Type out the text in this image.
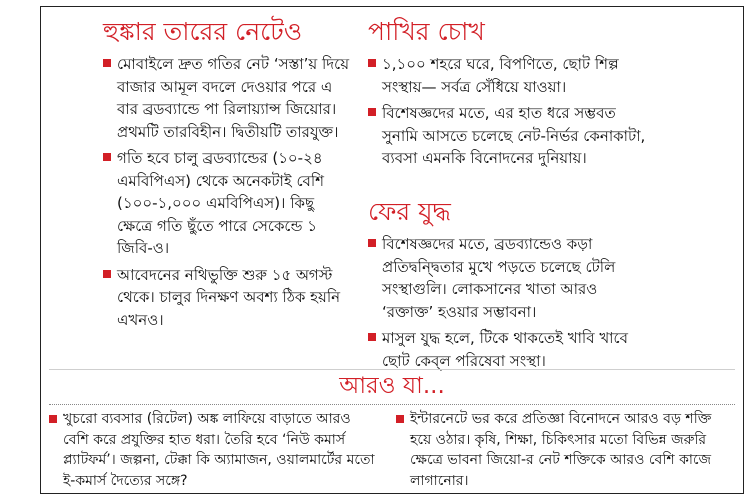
হুঙ্কার তারের নেটেও
মোবাইলে দ্রুত গতির নেট ‘সস্তা’য় দিয়ে বাজার আমূল বদলে দেওয়ার পরে এ বার ব্রডব্যান্ডে পা রিলায়্যান্স জিয়োর। প্রথমটি তারবিহীন। দ্বিতীয়টি তারযুক্ত।
গতি হবে চালু ব্রডব্যান্ডের (১০-২৪ এমবিপিএস) থেকে অনেকটাই বেশি (১০০-১,০০০ এমবিপিএস)। কিছু ক্ষেত্রে গতি ছুঁতে পারে সেকেন্ডে ১ জিবি-ও।
আবেদনের নথিভুক্তি শুরু ১৫ অগস্ট থেকে। চালুর দিনক্ষণ অবশ্য ঠিক হয়নি এখনও।
পাখির চোখ
১,১০০ শহরে ঘরে, বিপণিতে, ছোট শিল্প সংস্থায়— সর্বত্র সেঁধিয়ে যাওয়া।
বিশেষজ্ঞদের মতে, এর হাত ধরে সম্ভবত সুনামি আসতে চলেছে নেট-নির্ভর কেনাকাটা, ব্যবসা এমনকি বিনোদনের দুনিয়ায়।
ফের যুদ্ধ
বিশেষজ্ঞদের মতে, ব্রডব্যান্ডেও কড়া প্রতিদ্বন্দ্বিতার মুখে পড়তে চলেছে টেলি সংস্থাগুলি। লোকসানের খাতা আরও ‘রক্তাক্ত’ হওয়ার সম্ভাবনা।
মাসুল যুদ্ধ হলে, টিকে থাকতেই খাবি খাবে ছোট কেব্‌ল পরিষেবা সংস্থা।
আরও যা...
খুচরো ব্যবসার (রিটেল) অঙ্ক লাফিয়ে বাড়াতে আরও বেশি করে প্রযুক্তির হাত ধরা। তৈরি হবে ‘নিউ কমার্স প্ল্যাটফর্ম’। জল্পনা, টেক্কা কি অ্যামাজন, ওয়ালমার্টের মতো ই-কমার্স দৈত্যের সঙ্গে?
ইন্টারনেটে ভর করে প্রতিজ্ঞা বিনোদনে আরও বড় শক্তি হয়ে ওঠার। কৃষি, শিক্ষা, চিকিৎসার মতো বিভিন্ন জরুরি ক্ষেত্রে ভাবনা জিয়ো-র নেট শক্তিকে আরও বেশি কাজে লাগানোর।
